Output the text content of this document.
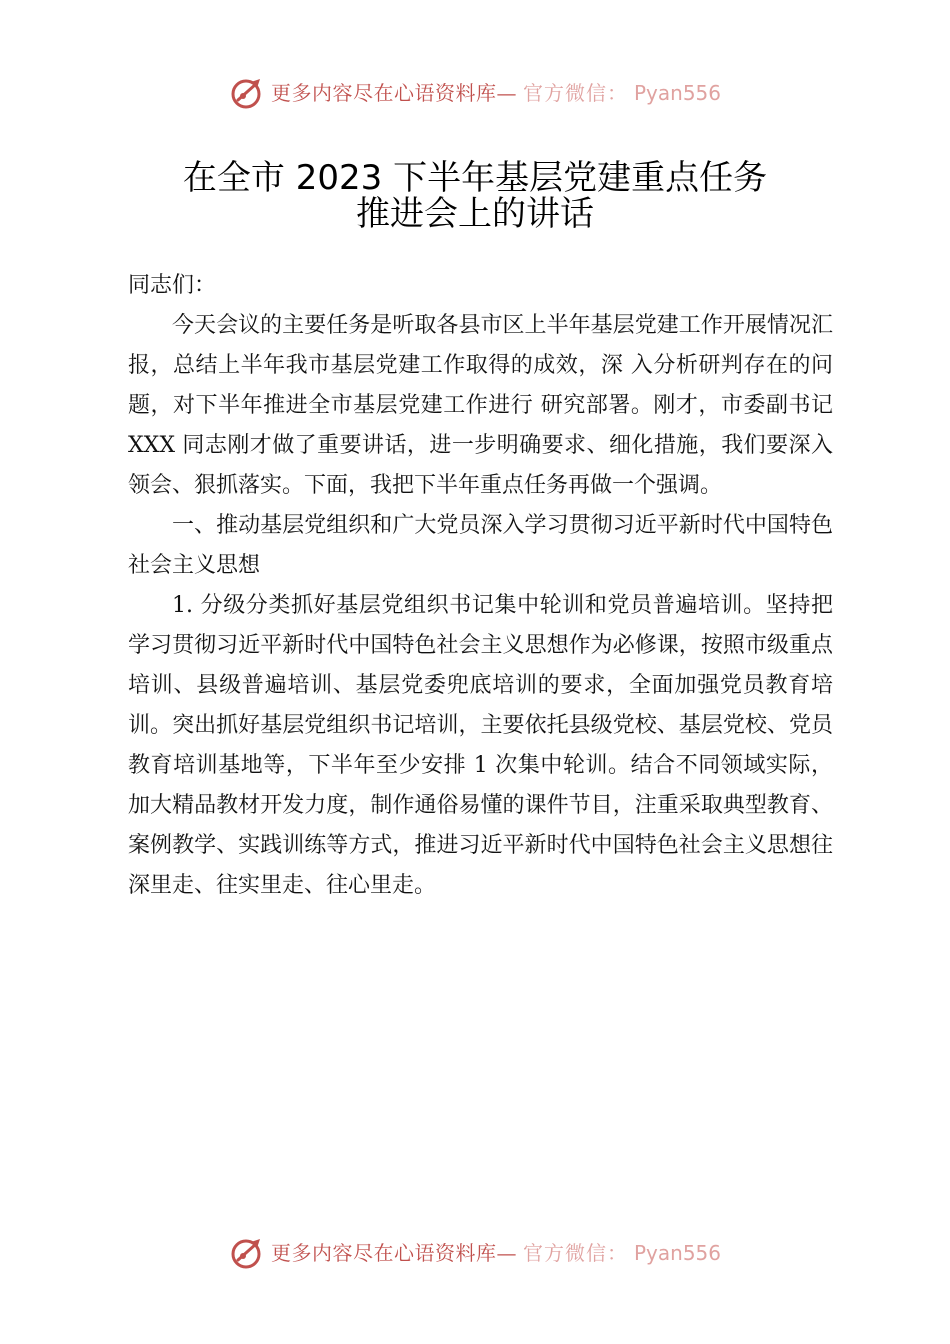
更多内容尽在心语资料库— 官方微信： Pyan556
在全市 2023 下半年基层党建重点任务
推进会上的讲话

同志们：

今天会议的主要任务是听取各县市区上半年基层党建工作开展情况汇报，总结上半年我市基层党建工作取得的成效，深 入分析研判存在的问题，对下半年推进全市基层党建工作进行 研究部署。刚才，市委副书记 XXX 同志刚才做了重要讲话，进一步明确要求、细化措施，我们要深入领会、狠抓落实。下面，我把下半年重点任务再做一个强调。

一、推动基层党组织和广大党员深入学习贯彻习近平新时代中国特色社会主义思想

1. 分级分类抓好基层党组织书记集中轮训和党员普遍培训。坚持把学习贯彻习近平新时代中国特色社会主义思想作为必修课，按照市级重点培训、县级普遍培训、基层党委兜底培训的要求，全面加强党员教育培训。突出抓好基层党组织书记培训，主要依托县级党校、基层党校、党员教育培训基地等，下半年至少安排 1 次集中轮训。结合不同领域实际，加大精品教材开发力度，制作通俗易懂的课件节目，注重采取典型教育、 案例教学、实践训练等方式，推进习近平新时代中国特色社会主义思想往深里走、往实里走、往心里走。

更多内容尽在心语资料库— 官方微信： Pyan556
